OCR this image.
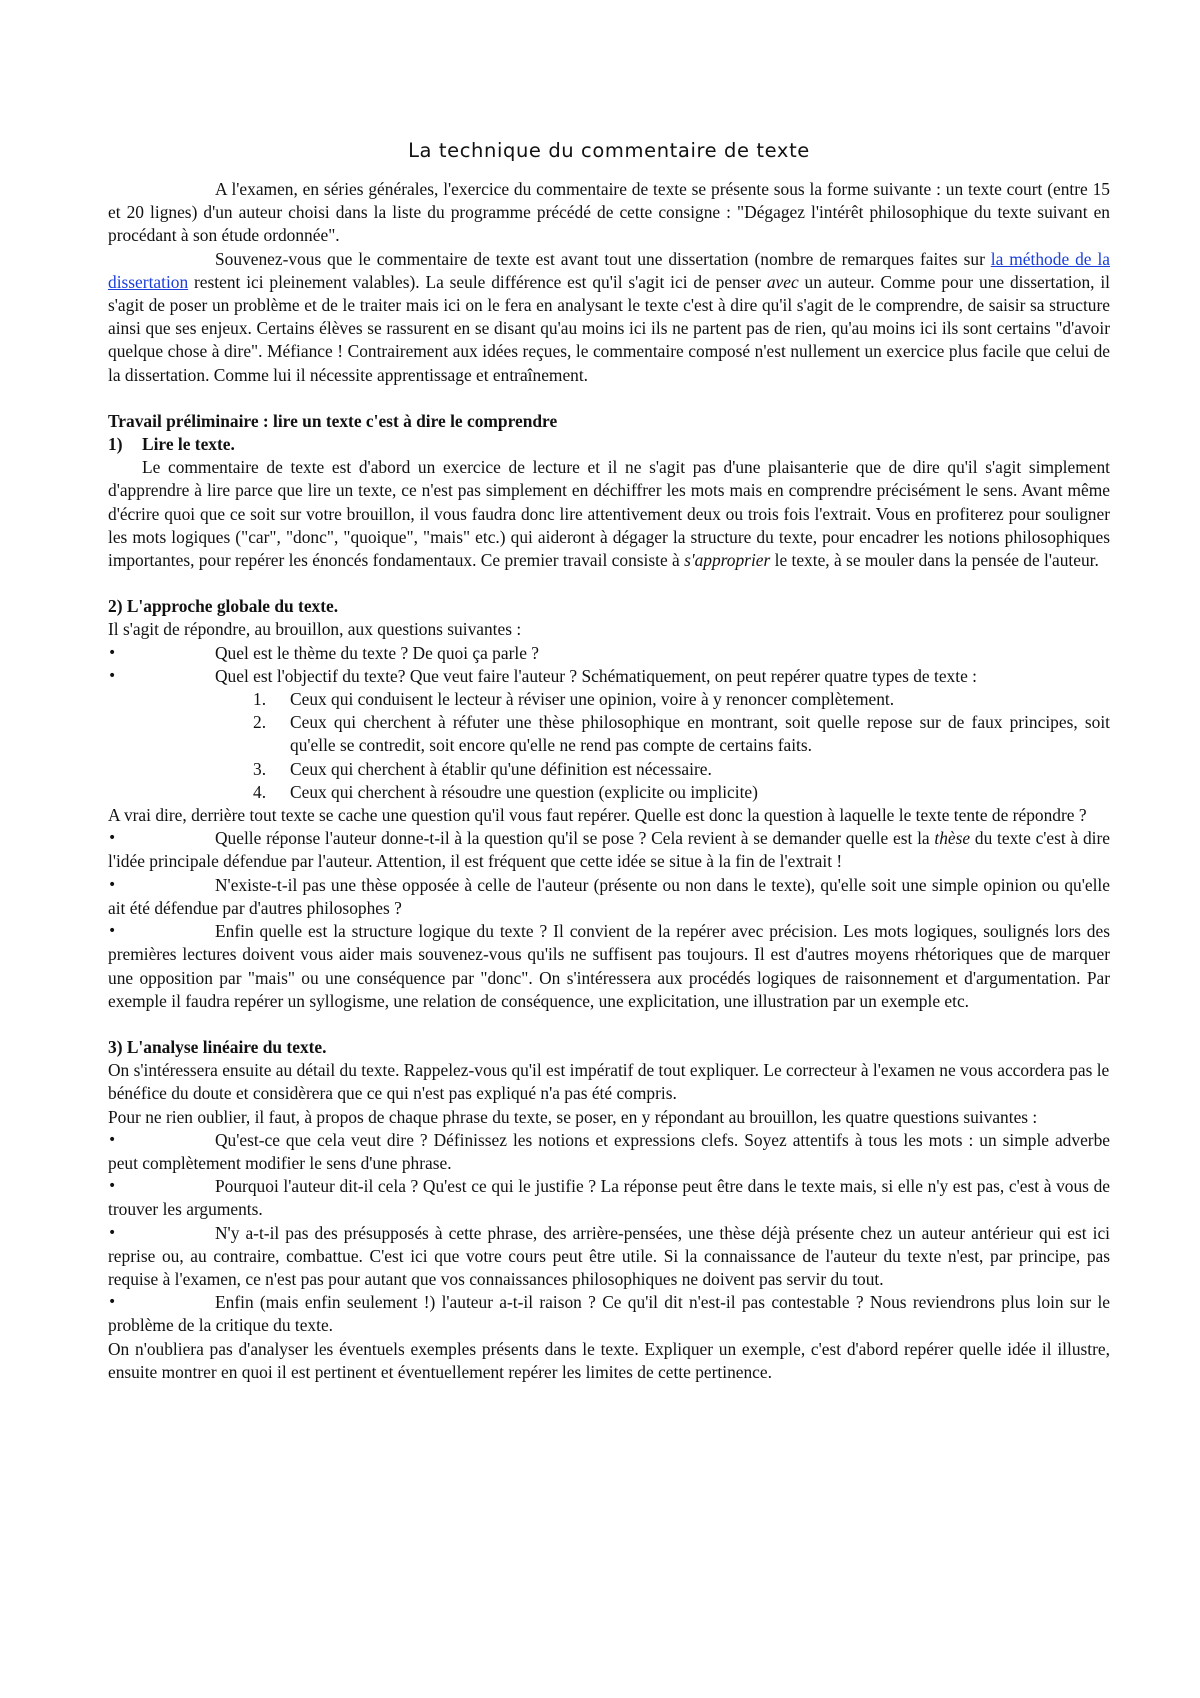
La technique du commentaire de texte

A l'examen, en séries générales, l'exercice du commentaire de texte se présente sous la forme suivante : un texte court (entre 15 et 20 lignes) d'un auteur choisi dans la liste du programme précédé de cette consigne : "Dégagez l'intérêt philosophique du texte suivant en procédant à son étude ordonnée".

Souvenez-vous que le commentaire de texte est avant tout une dissertation (nombre de remarques faites sur la méthode de la dissertation restent ici pleinement valables). La seule différence est qu'il s'agit ici de penser avec un auteur. Comme pour une dissertation, il s'agit de poser un problème et de le traiter mais ici on le fera en analysant le texte c'est à dire qu'il s'agit de le comprendre, de saisir sa structure ainsi que ses enjeux. Certains élèves se rassurent en se disant qu'au moins ici ils ne partent pas de rien, qu'au moins ici ils sont certains "d'avoir quelque chose à dire". Méfiance ! Contrairement aux idées reçues, le commentaire composé n'est nullement un exercice plus facile que celui de la dissertation. Comme lui il nécessite apprentissage et entraînement.

Travail préliminaire : lire un texte c'est à dire le comprendre

1) Lire le texte.

Le commentaire de texte est d'abord un exercice de lecture et il ne s'agit pas d'une plaisanterie que de dire qu'il s'agit simplement d'apprendre à lire parce que lire un texte, ce n'est pas simplement en déchiffrer les mots mais en comprendre précisément le sens. Avant même d'écrire quoi que ce soit sur votre brouillon, il vous faudra donc lire attentivement deux ou trois fois l'extrait. Vous en profiterez pour souligner les mots logiques ("car", "donc", "quoique", "mais" etc.) qui aideront à dégager la structure du texte, pour encadrer les notions philosophiques importantes, pour repérer les énoncés fondamentaux. Ce premier travail consiste à s'approprier le texte, à se mouler dans la pensée de l'auteur.

2) L'approche globale du texte.

Il s'agit de répondre, au brouillon, aux questions suivantes :

•	Quel est le thème du texte ? De quoi ça parle ?
•	Quel est l'objectif du texte? Que veut faire l'auteur ? Schématiquement, on peut repérer quatre types de texte :
1. Ceux qui conduisent le lecteur à réviser une opinion, voire à y renoncer complètement.
2. Ceux qui cherchent à réfuter une thèse philosophique en montrant, soit quelle repose sur de faux principes, soit qu'elle se contredit, soit encore qu'elle ne rend pas compte de certains faits.
3. Ceux qui cherchent à établir qu'une définition est nécessaire.
4. Ceux qui cherchent à résoudre une question (explicite ou implicite)

A vrai dire, derrière tout texte se cache une question qu'il vous faut repérer. Quelle est donc la question à laquelle le texte tente de répondre ?

•	Quelle réponse l'auteur donne-t-il à la question qu'il se pose ? Cela revient à se demander quelle est la thèse du texte c'est à dire l'idée principale défendue par l'auteur. Attention, il est fréquent que cette idée se situe à la fin de l'extrait !
•	N'existe-t-il pas une thèse opposée à celle de l'auteur (présente ou non dans le texte), qu'elle soit une simple opinion ou qu'elle ait été défendue par d'autres philosophes ?
•	Enfin quelle est la structure logique du texte ? Il convient de la repérer avec précision. Les mots logiques, soulignés lors des premières lectures doivent vous aider mais souvenez-vous qu'ils ne suffisent pas toujours. Il est d'autres moyens rhétoriques que de marquer une opposition par "mais" ou une conséquence par "donc". On s'intéressera aux procédés logiques de raisonnement et d'argumentation. Par exemple il faudra repérer un syllogisme, une relation de conséquence, une explicitation, une illustration par un exemple etc.

3) L'analyse linéaire du texte.

On s'intéressera ensuite au détail du texte. Rappelez-vous qu'il est impératif de tout expliquer. Le correcteur à l'examen ne vous accordera pas le bénéfice du doute et considèrera que ce qui n'est pas expliqué n'a pas été compris.

Pour ne rien oublier, il faut, à propos de chaque phrase du texte, se poser, en y répondant au brouillon, les quatre questions suivantes :

•	Qu'est-ce que cela veut dire ? Définissez les notions et expressions clefs. Soyez attentifs à tous les mots : un simple adverbe peut complètement modifier le sens d'une phrase.
•	Pourquoi l'auteur dit-il cela ? Qu'est ce qui le justifie ? La réponse peut être dans le texte mais, si elle n'y est pas, c'est à vous de trouver les arguments.
•	N'y a-t-il pas des présupposés à cette phrase, des arrière-pensées, une thèse déjà présente chez un auteur antérieur qui est ici reprise ou, au contraire, combattue. C'est ici que votre cours peut être utile. Si la connaissance de l'auteur du texte n'est, par principe, pas requise à l'examen, ce n'est pas pour autant que vos connaissances philosophiques ne doivent pas servir du tout.
•	Enfin (mais enfin seulement !) l'auteur a-t-il raison ? Ce qu'il dit n'est-il pas contestable ? Nous reviendrons plus loin sur le problème de la critique du texte.

On n'oubliera pas d'analyser les éventuels exemples présents dans le texte. Expliquer un exemple, c'est d'abord repérer quelle idée il illustre, ensuite montrer en quoi il est pertinent et éventuellement repérer les limites de cette pertinence.
